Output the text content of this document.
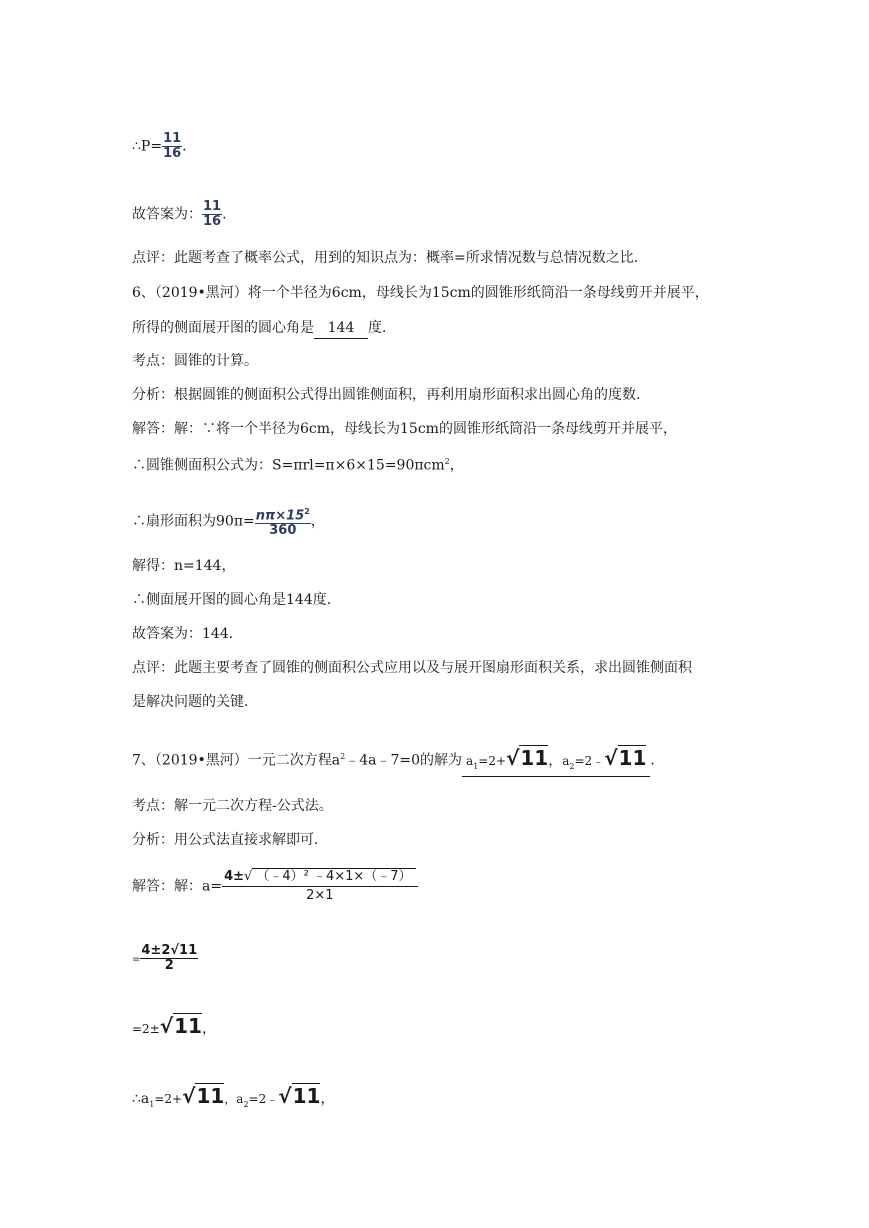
∴P= $\frac{11}{16}$ .
故答案为： $\frac{11}{16}$ .
点评：此题考查了概率公式，用到的知识点为：概率=所求情况数与总情况数之比．
6、（2019•黑河）将一个半径为6cm，母线长为15cm的圆锥形纸筒沿一条母线剪开并展平，
所得的侧面展开图的圆心角是 144 度．
考点：圆锥的计算。
分析：根据圆锥的侧面积公式得出圆锥侧面积，再利用扇形面积求出圆心角的度数．
解答：解：∵将一个半径为6cm，母线长为15cm的圆锥形纸筒沿一条母线剪开并展平，
∴圆锥侧面积公式为：S=πrl=π×6×15=90πcm$^2$，
∴扇形面积为$90\pi= \frac{n\pi\times 15^2}{360}$ ，
解得：n=144，
∴侧面展开图的圆心角是144度．
故答案为：144．
点评：此题主要考查了圆锥的侧面积公式应用以及与展开图扇形面积关系，求出圆锥侧面积
是解决问题的关键．
7、（2019•黑河）一元二次方程$a^2﹣4a﹣7=0$的解为 $a_1=2+√11$，$a_2=2﹣√11$ ．
考点：解一元二次方程-公式法。
分析：用公式法直接求解即可．
解答：解：$a= \frac{\text{4±√ （﹣4）² ﹣4×1×（﹣7）}}{2\times 1}$
= $\frac{4\pm 2√11}{2}$
=2±√11，
$\therefore a_1=2+√11$，$a_2=2﹣√11$，
